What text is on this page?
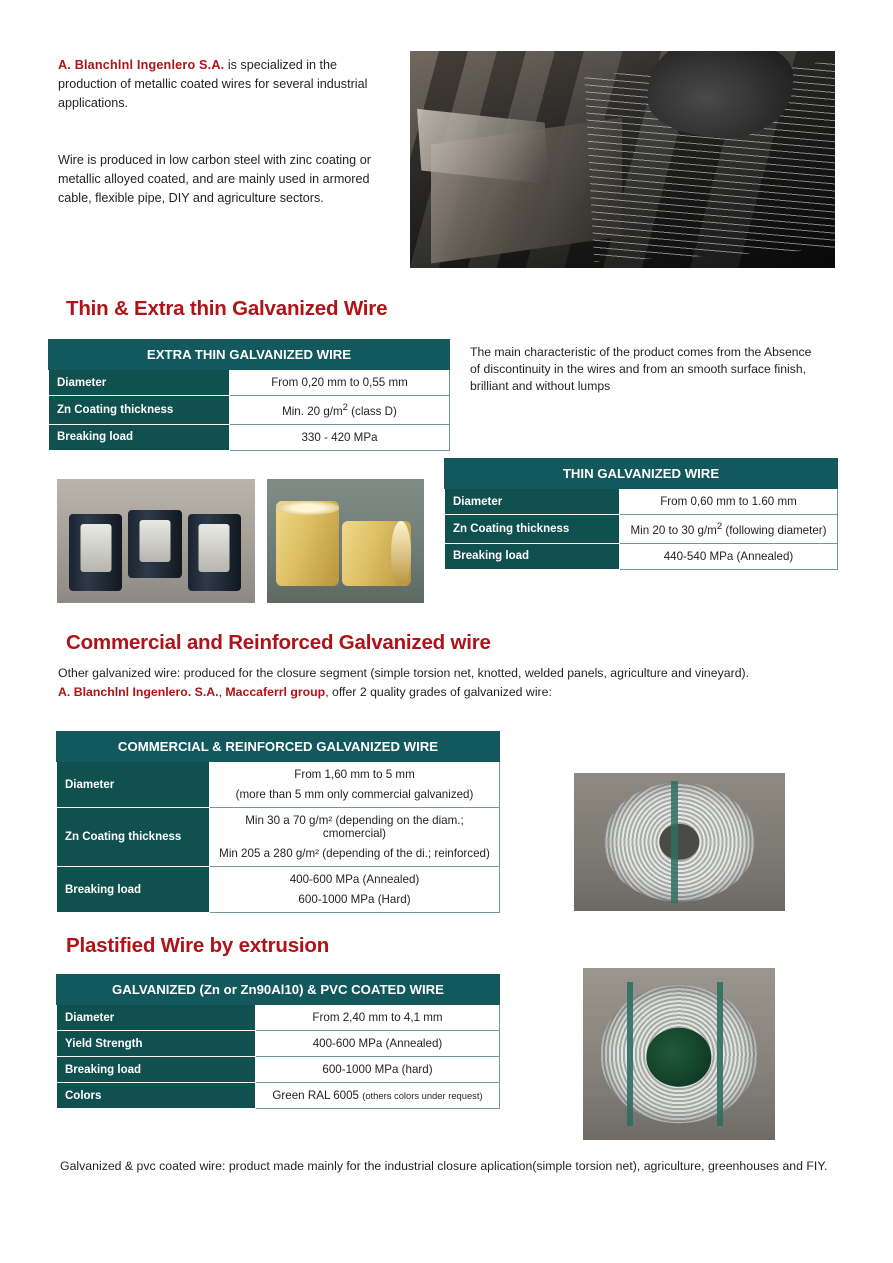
A. Blanchlnl Ingenlero S.A. is specialized in the production of metallic coated wires for several industrial applications.

Wire is produced in low carbon steel with zinc coating or metallic alloyed coated, and are mainly used in armored cable, flexible pipe, DIY and agriculture sectors.

Thin & Extra thin Galvanized Wire
EXTRA THIN GALVANIZED WIRE	
Diameter	From 0,20 mm to 0,55 mm
Zn Coating thickness	Min. 20 $g/m^2$ (class D)
Breaking load	330 - 420 MPa
The main characteristic of the product comes from the Absence of discontinuity in the wires and from an smooth surface finish, brilliant and without lumps
THIN GALVANIZED WIRE	
Diameter	From 0,60 mm to 1.60 mm
Zn Coating thickness	Min 20 to 30 $g/m^2$ (following diameter)
Breaking load	440-540 MPa (Annealed)
Commercial and Reinforced Galvanized wire
Other galvanized wire: produced for the closure segment (simple torsion net, knotted, welded panels, agriculture and vineyard).
A. Blanchlnl Ingenlero. S.A., Maccaferrl group, offer 2 quality grades of galvanized wire:
COMMERCIAL & REINFORCED GALVANIZED WIRE	
Diameter	From 1,60 mm to 5 mm
(more than 5 mm only commercial galvanized)

Zn Coating thickness	Min 30 a 70 g/m² (depending on the diam.; cmomercial)
Min 205 a 280 g/m² (depending of the di.; reinforced)

Breaking load	400-600 MPa (Annealed)
600-1000 MPa (Hard)
Plastified Wire by extrusion
GALVANIZED (Zn or Zn90Al10) & PVC COATED WIRE	
Diameter	From 2,40 mm to 4,1 mm
Yield Strength	400-600 MPa (Annealed)
Breaking load	600-1000 MPa (hard)
Colors	Green RAL 6005 (others colors under request)
Galvanized & pvc coated wire: product made mainly for the industrial closure aplication(simple torsion net), agriculture, greenhouses and FIY.
